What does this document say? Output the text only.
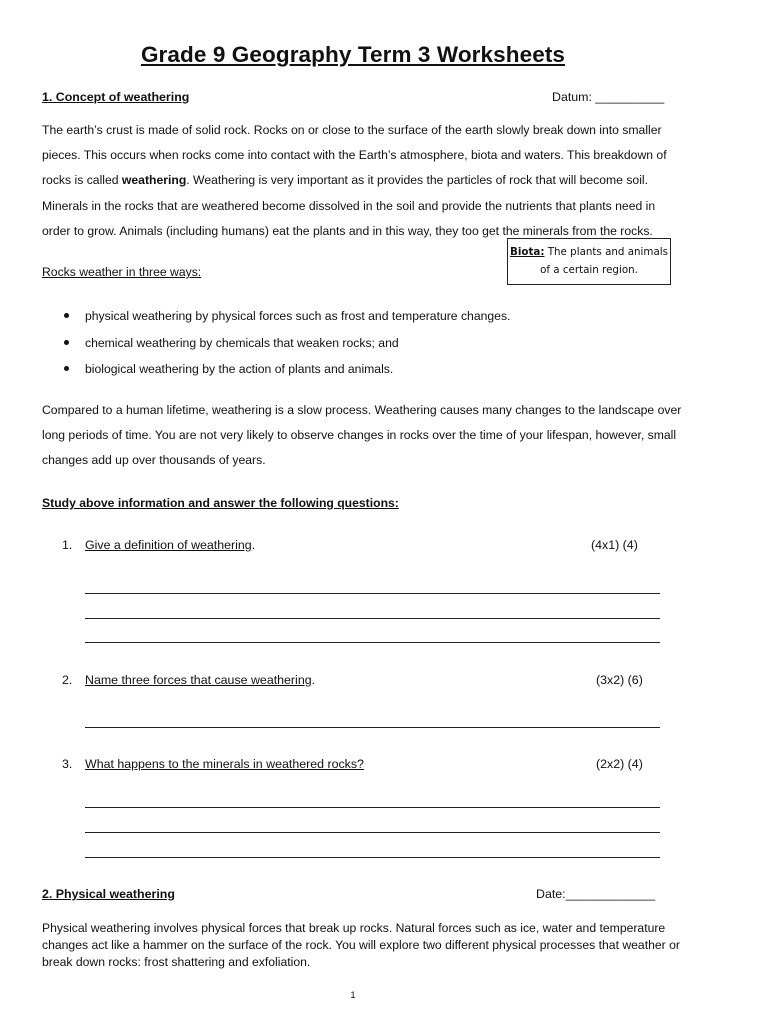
Grade 9 Geography Term 3 Worksheets
1. Concept of weathering	Datum: __________
The earth’s crust is made of solid rock. Rocks on or close to the surface of the earth slowly break down into smaller pieces. This occurs when rocks come into contact with the Earth’s atmosphere, biota and waters. This breakdown of rocks is called weathering. Weathering is very important as it provides the particles of rock that will become soil. Minerals in the rocks that are weathered become dissolved in the soil and provide the nutrients that plants need in order to grow. Animals (including humans) eat the plants and in this way, they too get the minerals from the rocks.
Biota: The plants and animals of a certain region.
Rocks weather in three ways:
physical weathering by physical forces such as frost and temperature changes.
chemical weathering by chemicals that weaken rocks; and
biological weathering by the action of plants and animals.
Compared to a human lifetime, weathering is a slow process. Weathering causes many changes to the landscape over long periods of time. You are not very likely to observe changes in rocks over the time of your lifespan, however, small changes add up over thousands of years.
Study above information and answer the following questions:
1. Give a definition of weathering.	(4x1) (4)
2. Name three forces that cause weathering.	(3x2) (6)
3. What happens to the minerals in weathered rocks?	(2x2) (4)
2. Physical weathering	Date:_____________
Physical weathering involves physical forces that break up rocks. Natural forces such as ice, water and temperature changes act like a hammer on the surface of the rock. You will explore two different physical processes that weather or break down rocks: frost shattering and exfoliation.
1
